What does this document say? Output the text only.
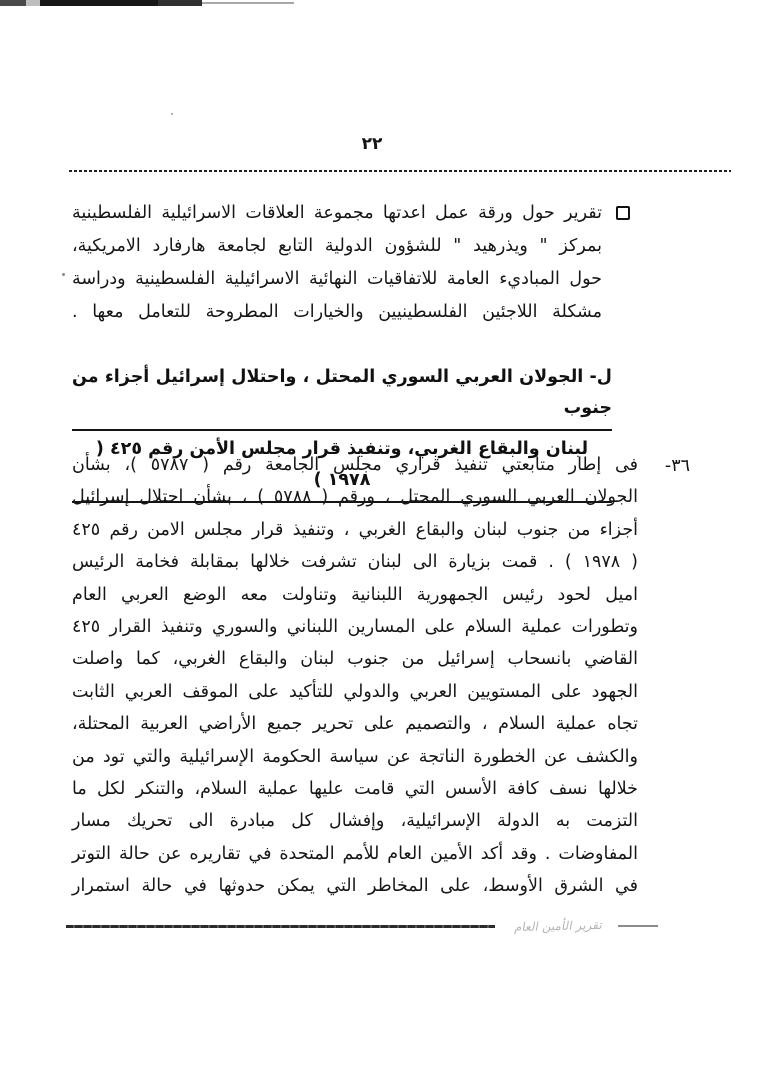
٢٢
تقرير حول ورقة عمل اعدتها مجموعة العلاقات الاسرائيلية الفلسطينية
بمركز " ويذرهيد " للشؤون الدولية التابع لجامعة هارفارد الامريكية،
حول المباديء العامة للاتفاقيات النهائية الاسرائيلية الفلسطينية ودراسة
مشكلة اللاجئين الفلسطينيين والخيارات المطروحة للتعامل معها .
ل- الجولان العربي السوري المحتل ، واحتلال إسرائيل أجزاء من جنوب
لبنان والبقاع الغربي، وتنفيذ قرار مجلس الأمن رقم ٤٢٥ ( ١٩٧٨ )
٣٦-
فى إطار متابعتي تنفيذ قراري مجلس الجامعة رقم ( ٥٧٨٧ )، بشأن
الجولان العربي السوري المحتل ، ورقم ( ٥٧٨٨ ) ، بشأن احتلال إسرائيل
أجزاء من جنوب لبنان والبقاع الغربي ، وتنفيذ قرار مجلس الامن رقم ٤٢٥
( ١٩٧٨ ) . قمت بزيارة الى لبنان تشرفت خلالها بمقابلة فخامة الرئيس
اميل لحود رئيس الجمهورية اللبنانية وتناولت معه الوضع العربي العام
وتطورات عملية السلام على المسارين اللبناني والسوري وتنفيذ القرار ٤٢٥
القاضي بانسحاب إسرائيل من جنوب لبنان والبقاع الغربي، كما واصلت
الجهود على المستويين العربي والدولي للتأكيد على الموقف العربي الثابت
تجاه عملية السلام ، والتصميم على تحرير جميع الأراضي العربية المحتلة،
والكشف عن الخطورة الناتجة عن سياسة الحكومة الإسرائيلية والتي تود من
خلالها نسف كافة الأسس التي قامت عليها عملية السلام، والتنكر لكل ما
التزمت به الدولة الإسرائيلية، وإفشال كل مبادرة الى تحريك مسار
المفاوضات . وقد أكد الأمين العام للأمم المتحدة في تقاريره عن حالة التوتر
في الشرق الأوسط، على المخاطر التي يمكن حدوثها في حالة استمرار
تقرير الأمين العام
